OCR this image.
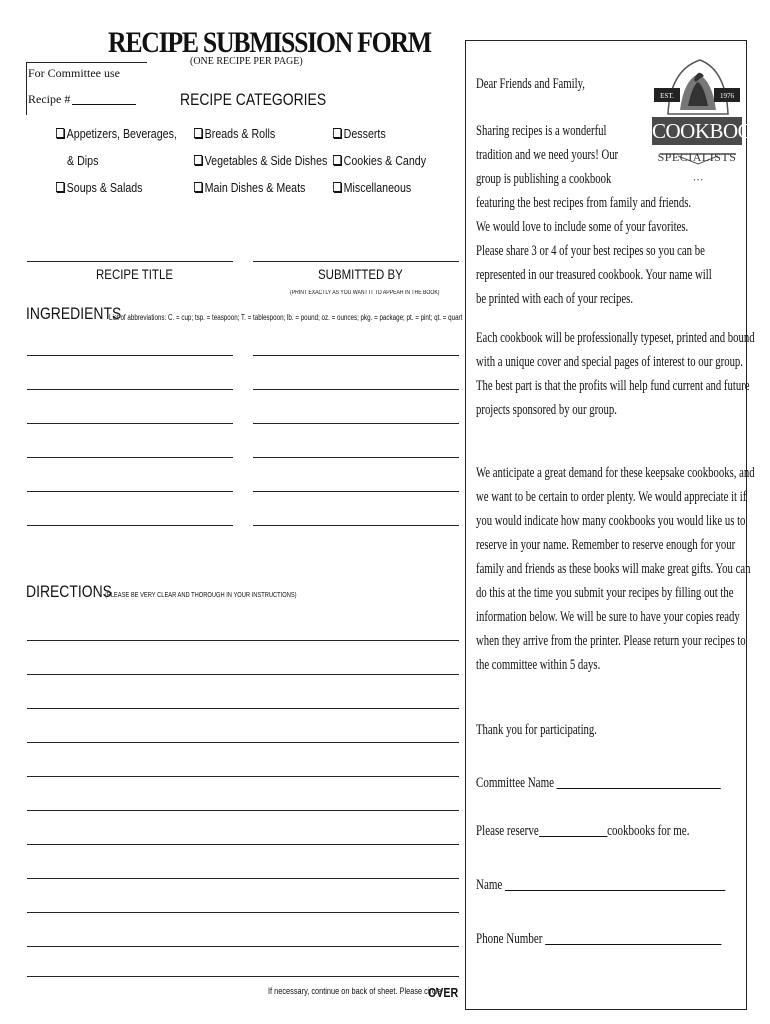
RECIPE SUBMISSION FORM
(ONE RECIPE PER PAGE)
For Committee use
Recipe #	RECIPE CATEGORIES
Appetizers, Beverages,
& Dips
Soups & Salads
Breads & Rolls
Vegetables & Side Dishes
Main Dishes & Meats
Desserts
Cookies & Candy
Miscellaneous
RECIPE TITLE	SUBMITTED BY
(PRINT EXACTLY AS YOU WANT IT TO APPEAR IN THE BOOK)
INGREDIENTS
List of abbreviations: C. = cup; tsp. = teaspoon; T. = tablespoon; lb. = pound; oz. = ounces; pkg. = package; pt. = pint; qt. = quart
DIRECTIONS
(PLEASE BE VERY CLEAR AND THOROUGH IN YOUR INSTRUCTIONS)
If necessary, continue on back of sheet. Please circle
OVER
EST.	1976
• • •
COOKBOOK
SPECIALISTS
Dear Friends and Family,
Sharing recipes is a wonderful
tradition and we need yours! Our
group is publishing a cookbook
featuring the best recipes from family and friends.
We would love to include some of your favorites.
Please share 3 or 4 of your best recipes so you can be
represented in our treasured cookbook. Your name will
be printed with each of your recipes.
Each cookbook will be professionally typeset, printed and bound with a unique cover and special pages of interest to our group. The best part is that the profits will help fund current and future projects sponsored by our group.
We anticipate a great demand for these keepsake cookbooks, and we want to be certain to order plenty. We would appreciate it if you would indicate how many cookbooks you would like us to reserve in your name. Remember to reserve enough for your family and friends as these books will make great gifts. You can do this at the time you submit your recipes by filling out the information below. We will be sure to have your copies ready when they arrive from the printer. Please return your recipes to the committee within 5 days.
Thank you for participating.
Committee Name
Please reserve	cookbooks for me.
Name
Phone Number
